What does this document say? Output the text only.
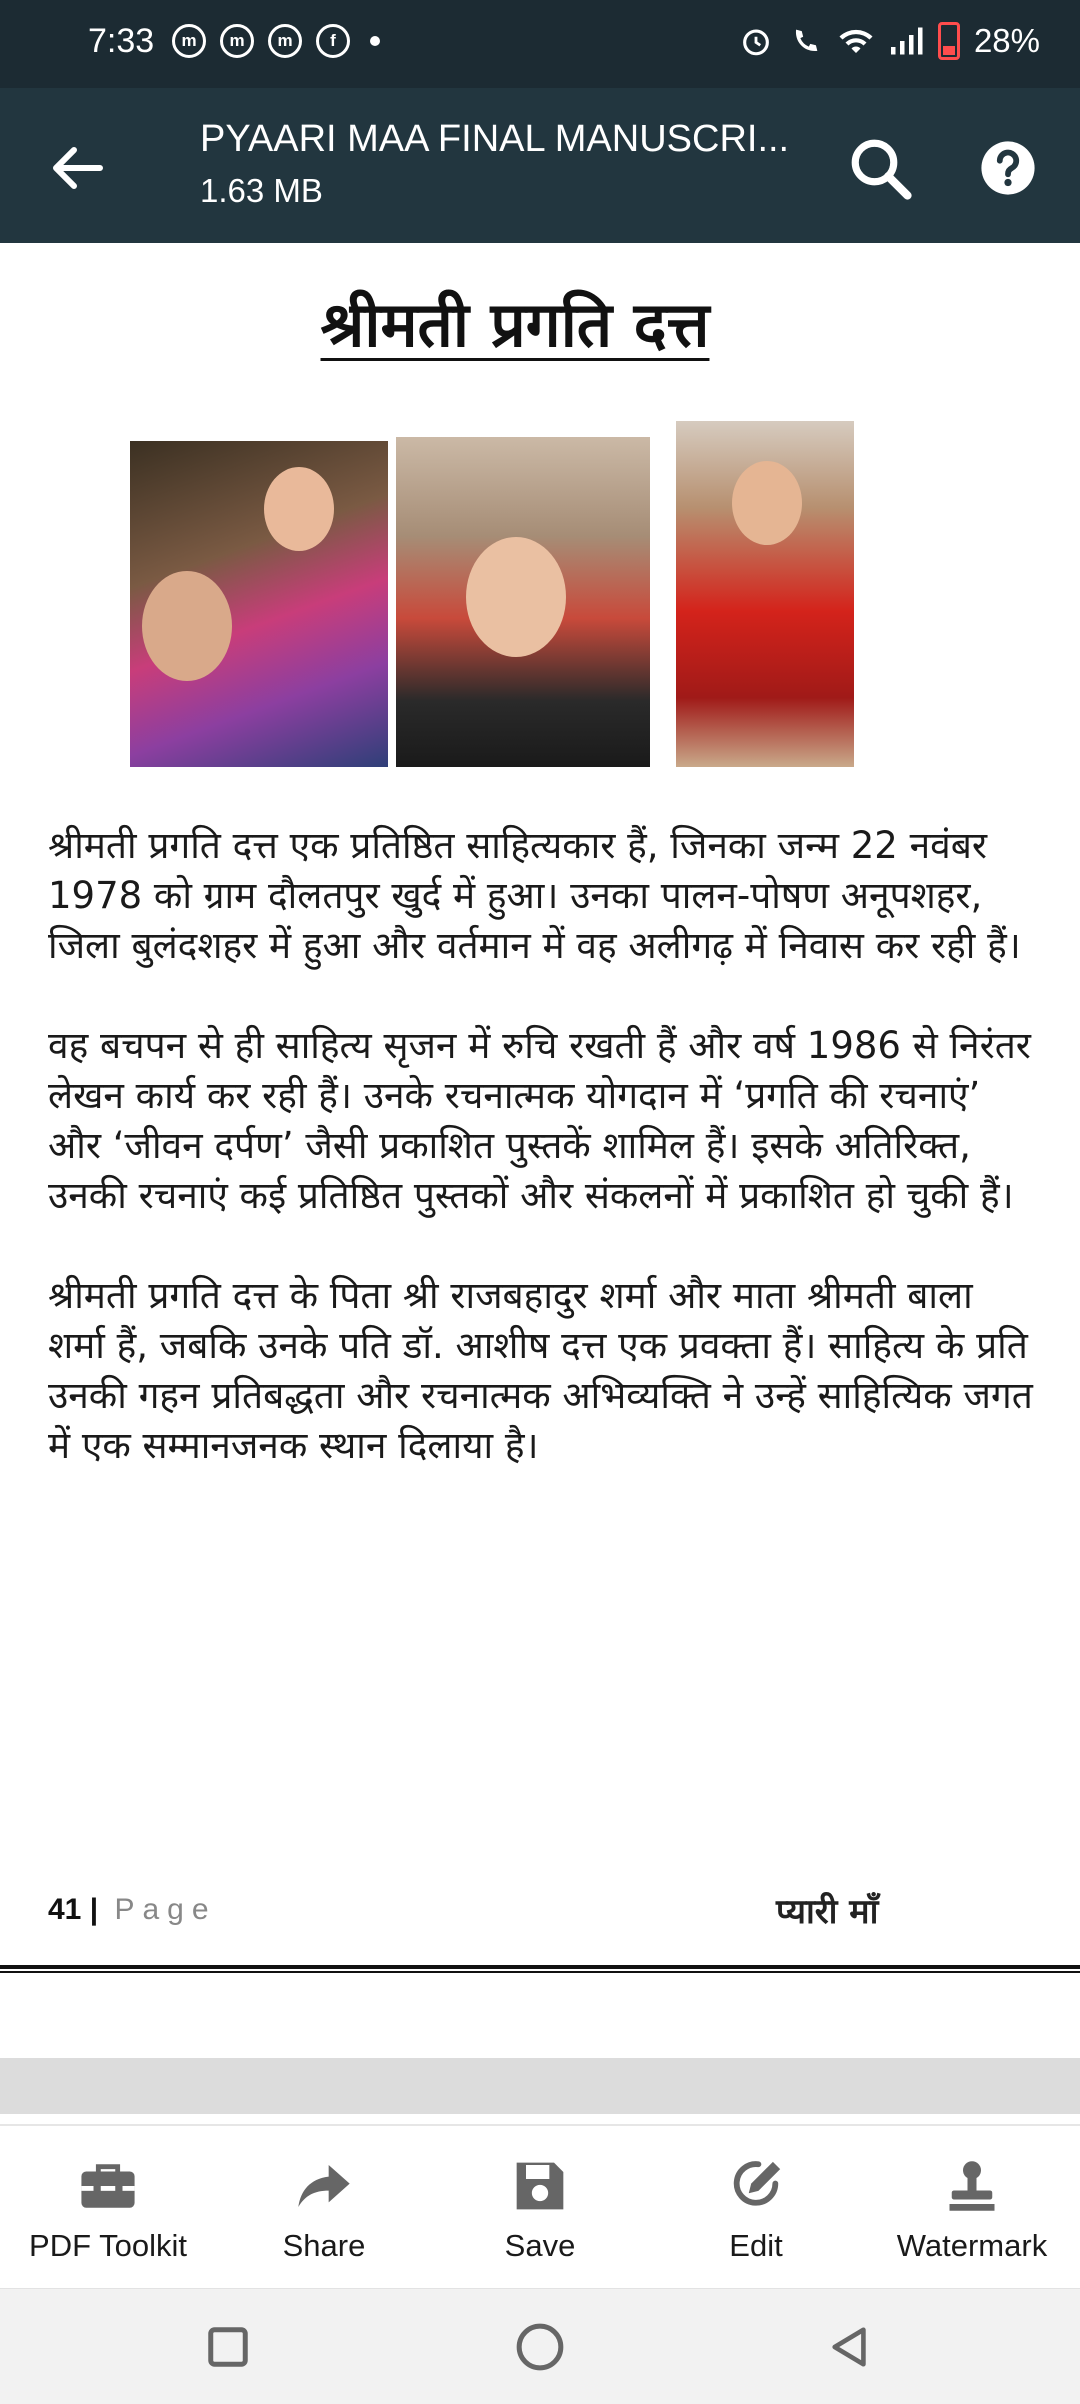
7:33	m	m	m	f	28%
PYAARI MAA FINAL MANUSCRI...
1.63 MB
श्रीमती प्रगति दत्त

श्रीमती प्रगति दत्त एक प्रतिष्ठित साहित्यकार हैं, जिनका जन्म 22 नवंबर 1978 को ग्राम दौलतपुर खुर्द में हुआ। उनका पालन-पोषण अनूपशहर, जिला बुलंदशहर में हुआ और वर्तमान में वह अलीगढ़ में निवास कर रही हैं।

वह बचपन से ही साहित्य सृजन में रुचि रखती हैं और वर्ष 1986 से निरंतर लेखन कार्य कर रही हैं। उनके रचनात्मक योगदान में ‘प्रगति की रचनाएं’ और ‘जीवन दर्पण’ जैसी प्रकाशित पुस्तकें शामिल हैं। इसके अतिरिक्त, उनकी रचनाएं कई प्रतिष्ठित पुस्तकों और संकलनों में प्रकाशित हो चुकी हैं।

श्रीमती प्रगति दत्त के पिता श्री राजबहादुर शर्मा और माता श्रीमती बाला शर्मा हैं, जबकि उनके पति डॉ. आशीष दत्त एक प्रवक्ता हैं। साहित्य के प्रति उनकी गहन प्रतिबद्धता और रचनात्मक अभिव्यक्ति ने उन्हें साहित्यिक जगत में एक सम्मानजनक स्थान दिलाया है।

41 | Page	प्यारी माँ
PDF Toolkit	Share	Save	Edit	Watermark
